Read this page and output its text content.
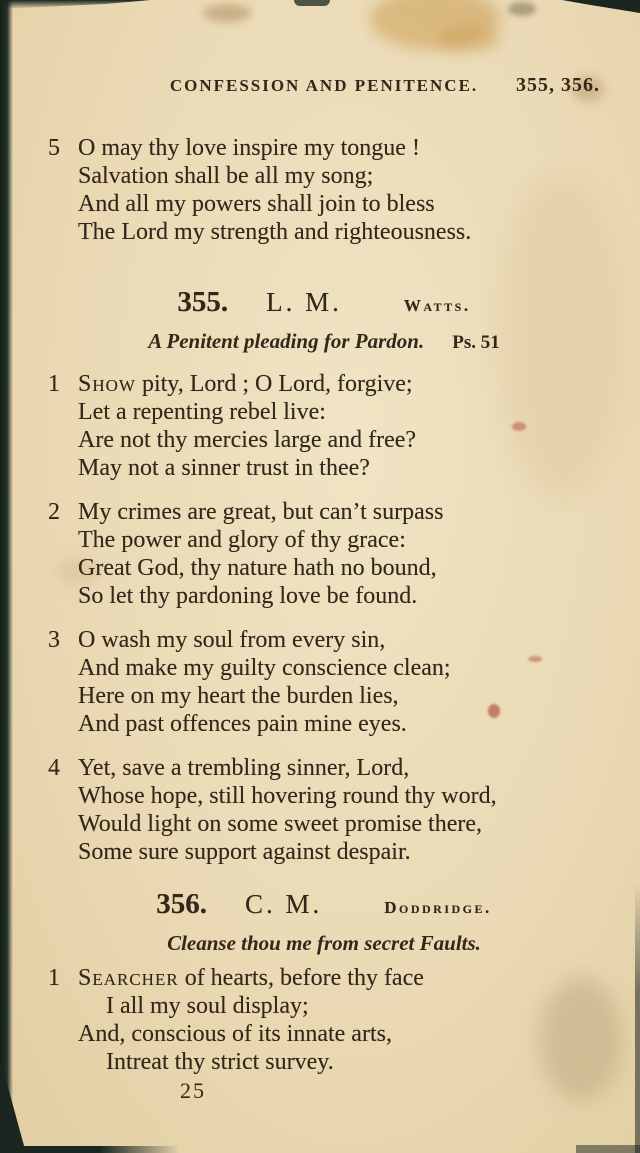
CONFESSION AND PENITENCE. 355, 356.
5 O may thy love inspire my tongue !
Salvation shall be all my song;
And all my powers shall join to bless
The Lord my strength and righteousness.
355. L. M.	Watts.
A Penitent pleading for Pardon. Ps. 51
1 Show pity, Lord ; O Lord, forgive;
Let a repenting rebel live:
Are not thy mercies large and free?
May not a sinner trust in thee?
2 My crimes are great, but can’t surpass
The power and glory of thy grace:
Great God, thy nature hath no bound,
So let thy pardoning love be found.
3 O wash my soul from every sin,
And make my guilty conscience clean;
Here on my heart the burden lies,
And past offences pain mine eyes.
4 Yet, save a trembling sinner, Lord,
Whose hope, still hovering round thy word,
Would light on some sweet promise there,
Some sure support against despair.
356. C. M.	Doddridge.
Cleanse thou me from secret Faults.
1 Searcher of hearts, before thy face
I all my soul display;
And, conscious of its innate arts,
Intreat thy strict survey.
25
